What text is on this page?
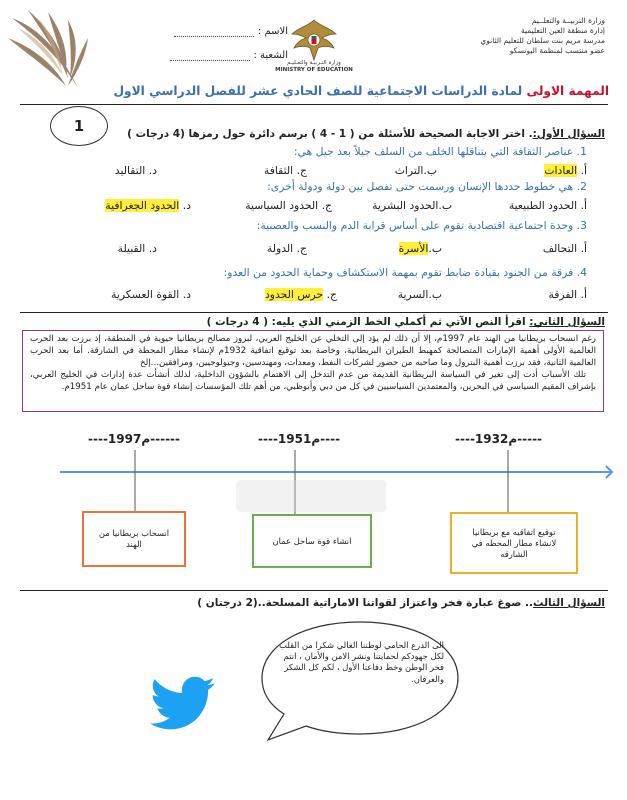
وزارة التربيــة والتعلــيم
إدارة منطقة العين التعليمية
مدرسة مريم بنت سلطان للتعليم الثانوي
عضو منتسب لمنظمة اليونسكو
وزارة التـربيـة والتعـليـم
MINISTRY OF EDUCATION
الاسم :
الشعبة :
المهمة الاولى لمادة الدراسات الاجتماعية للصف الحادي عشر للفصل الدراسي الاول
1	السؤال الأول:. اختر الاجابة الصحيحة للأسئلة من ( 1 - 4 ) برسم دائرة حول رمزها (4 درجات )
1. عناصر الثقافة التي يتناقلها الخلف من السلف جيلاً بعد جيل هي:
أ. العادات
ب.التراث
ج. الثقافة
د. التقاليد
2. هي خطوط حددها الإنسان ورسمت حتى تفصل بين دولة ودولة أخرى:
أ. الحدود الطبيعية
ب.الحدود البشرية
ج. الحدود السياسية
د. الحدود الجغرافية
3. وحدة اجتماعية اقتصادية تقوم على أساس قرابة الدم والنسب والعصبية:
أ. التحالف
ب.الأسرة
ج. الدولة
د. القبيلة
4. فرقة من الجنود بقيادة ضابط تقوم بمهمة الاستكشاف وحماية الحدود من العدو:
أ. الفرقة
ب.السرية
ج. حرس الحدود
د. القوة العسكرية
السؤال الثاني: اقرأ النص الآتي ثم أكملي الخط الزمني الذي يليه: ( 4 درجات )
رغم انسحاب بريطانيا من الهند عام 1997م، إلا أن ذلك لم يؤد إلى التخلي عن الخليج العربي، لبروز مصالح بريطانيا حيوية في المنطقة، إذ برزت بعد الحرب العالمية الأولى أهمية الإمارات المتصالحة كمهبط الطيران البريطانية، وخاصة بعد توقيع اتفاقية 1932م لإنشاء مطار المحطة في الشارقة. أما بعد الحرب العالمية الثانية، فقد برزت أهمية البترول وما صاحبه من حضور لشركات النفط، ومعدات، ومهندسين، وجيولوجيين، ومرافقين...إلخ
تلك الأسباب أدت إلى تغير في السياسة البريطانية القديمة من عدم التدخل إلى الاهتمام بالشؤون الداخلية، لذلك أنشأت عدة إدارات في الخليج العربي، بإشراف المقيم السياسي في البحرين، والمعتمدين السياسيين في كل من دبي وأبوظبي، من أهم تلك المؤسسات إنشاء قوة ساحل عمان عام 1951م.
----1997م------	----1951م----	----1932م-----
انسحاب بريطانيا من الهند	انشاء قوة ساحل عمان
توقيع اتفاقيه مع بريطانيا لانشاء مطار المحطه في الشارقه
السؤال الثالث.. صوغ عبارة فخر واعتزاز لقواتنا الاماراتية المسلحة..(2 درجتان )
الى الدرع الحامي لوطننا الغالي شكرا من القلب لكل جهودكم لحمايتنا ونشر الامن والأمان ، انتم فخر الوطن وخط دفاعنا الأول ، لكم كل الشكر والعرفان.
